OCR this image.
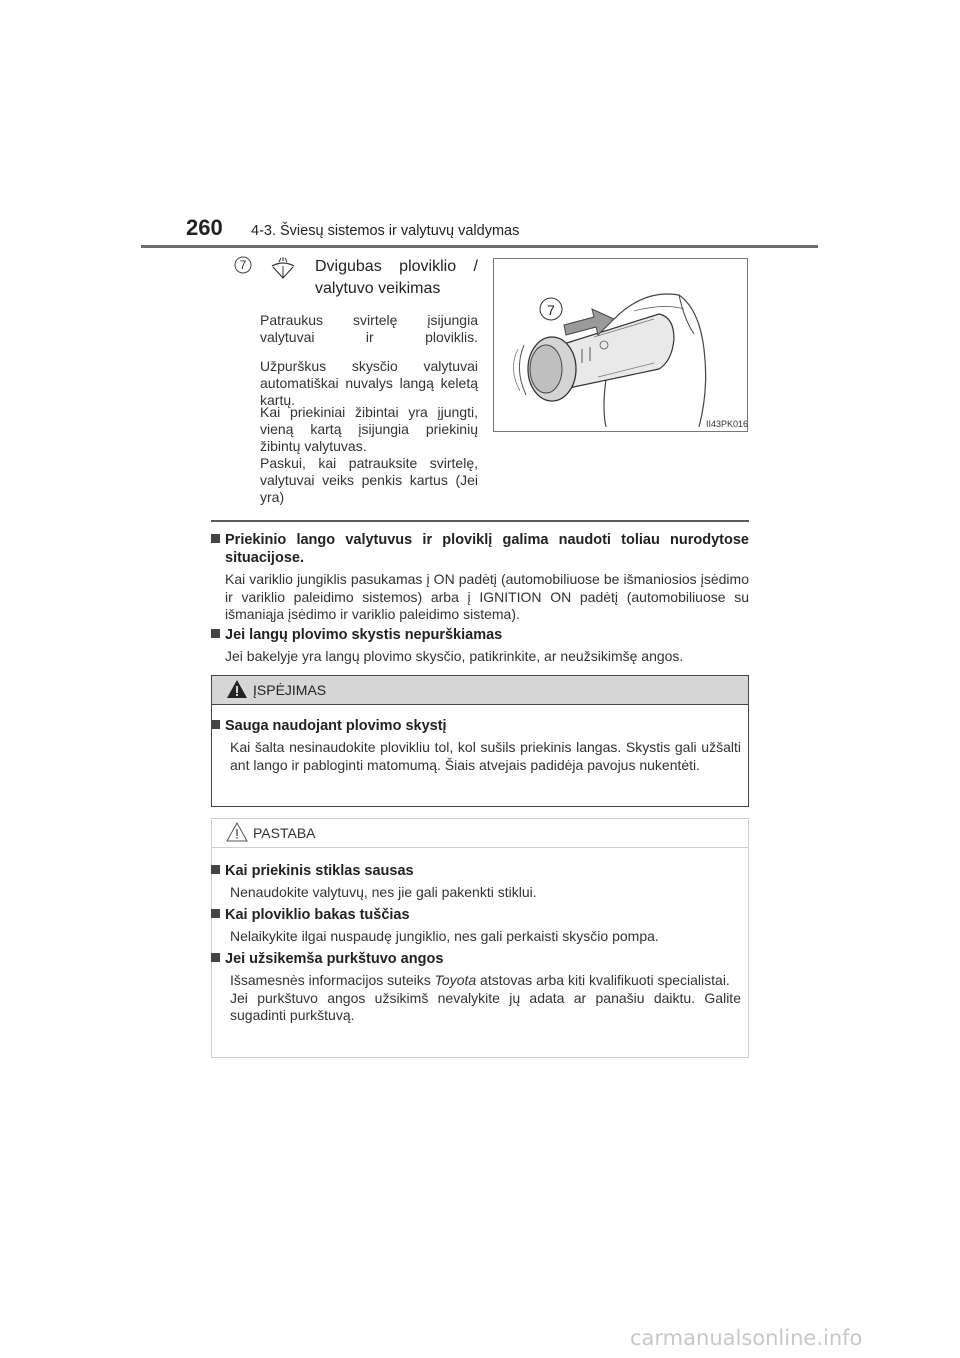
260 4-3. Šviesų sistemos ir valytuvų valdymas
7	Dvigubas ploviklio /
valytuvo veikimas
Patraukus svirtelę įsijungia valytuvai ir ploviklis.
Užpurškus skysčio valytuvai automatiškai nuvalys langą keletą kartų.
Kai priekiniai žibintai yra įjungti, vieną kartą įsijungia priekinių žibintų valytuvas.
Paskui, kai patrauksite svirtelę, valytuvai veiks penkis kartus (Jei yra)
7
II43PK016
Priekinio lango valytuvus ir ploviklį galima naudoti toliau nurodytose situacijose.
Kai variklio jungiklis pasukamas į ON padėtį (automobiliuose be išmaniosios įsėdimo ir variklio paleidimo sistemos) arba į IGNITION ON padėtį (automobiliuose su išmaniąja įsėdimo ir variklio paleidimo sistema).
Jei langų plovimo skystis nepurškiamas
Jei bakelyje yra langų plovimo skysčio, patikrinkite, ar neužsikimšę angos.
ĮSPĖJIMAS
Sauga naudojant plovimo skystį
Kai šalta nesinaudokite plovikliu tol, kol sušils priekinis langas. Skystis gali užšalti ant lango ir pabloginti matomumą. Šiais atvejais padidėja pavojus nukentėti.
PASTABA
Kai priekinis stiklas sausas
Nenaudokite valytuvų, nes jie gali pakenkti stiklui.
Kai ploviklio bakas tuščias
Nelaikykite ilgai nuspaudę jungiklio, nes gali perkaisti skysčio pompa.
Jei užsikemša purkštuvo angos
Išsamesnės informacijos suteiks Toyota atstovas arba kiti kvalifikuoti specialistai.
Jei purkštuvo angos užsikimš nevalykite jų adata ar panašiu daiktu. Galite sugadinti purkštuvą.
carmanualsonline.info
